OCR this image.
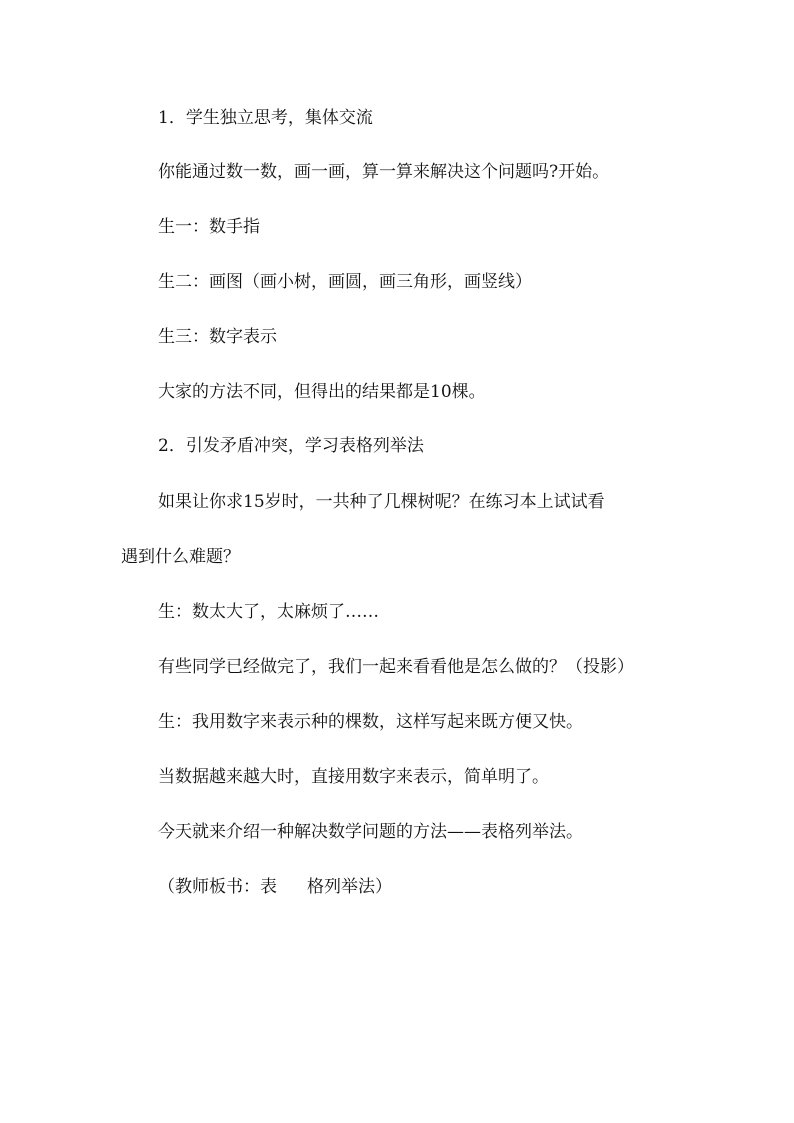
1．学生独立思考，集体交流

你能通过数一数，画一画，算一算来解决这个问题吗?开始。

生一：数手指

生二：画图（画小树，画圆，画三角形，画竖线）

生三：数字表示

大家的方法不同，但得出的结果都是10棵。

2．引发矛盾冲突，学习表格列举法

如果让你求15岁时，一共种了几棵树呢？在练习本上试试看

遇到什么难题？

生：数太大了，太麻烦了……

有些同学已经做完了，我们一起来看看他是怎么做的？（投影）

生：我用数字来表示种的棵数，这样写起来既方便又快。

当数据越来越大时，直接用数字来表示，简单明了。

今天就来介绍一种解决数学问题的方法——表格列举法。

（教师板书：表 格列举法）
